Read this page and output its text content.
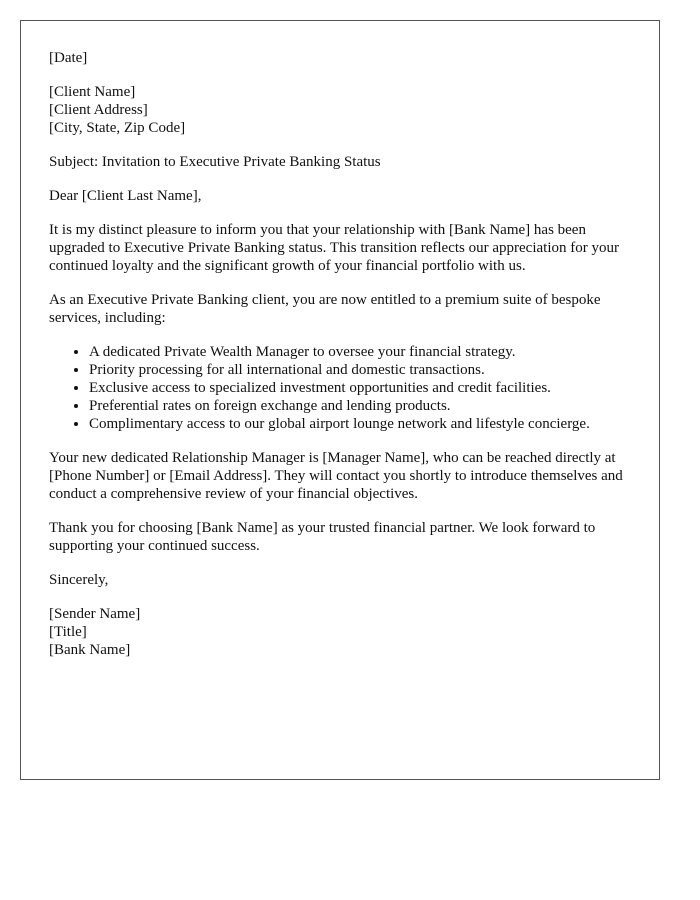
[Date]
[Client Name]
[Client Address]
[City, State, Zip Code]
Subject: Invitation to Executive Private Banking Status
Dear [Client Last Name],

It is my distinct pleasure to inform you that your relationship with [Bank Name] has been upgraded to Executive Private Banking status. This transition reflects our appreciation for your continued loyalty and the significant growth of your financial portfolio with us.

As an Executive Private Banking client, you are now entitled to a premium suite of bespoke services, including:

• A dedicated Private Wealth Manager to oversee your financial strategy.
• Priority processing for all international and domestic transactions.
• Exclusive access to specialized investment opportunities and credit facilities.
• Preferential rates on foreign exchange and lending products.
• Complimentary access to our global airport lounge network and lifestyle concierge.

Your new dedicated Relationship Manager is [Manager Name], who can be reached directly at [Phone Number] or [Email Address]. They will contact you shortly to introduce themselves and conduct a comprehensive review of your financial objectives.

Thank you for choosing [Bank Name] as your trusted financial partner. We look forward to supporting your continued success.

Sincerely,
[Sender Name]
[Title]
[Bank Name]
